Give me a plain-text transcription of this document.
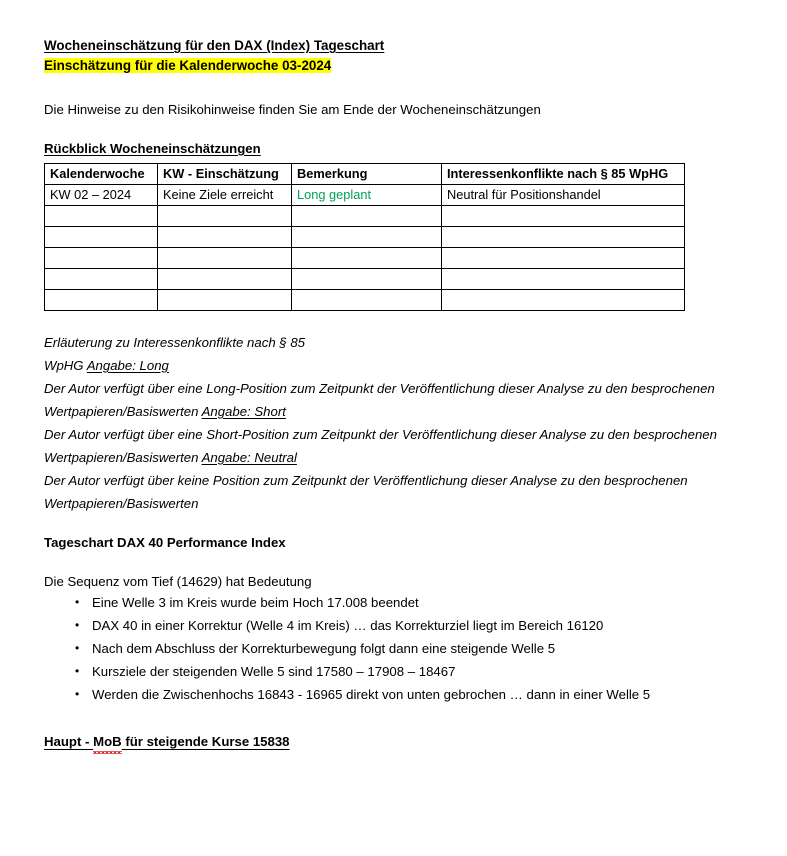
Wocheneinschätzung für den DAX (Index) Tageschart
Einschätzung für die Kalenderwoche 03-2024
Die Hinweise zu den Risikohinweise finden Sie am Ende der Wocheneinschätzungen
Rückblick Wocheneinschätzungen
Kalenderwoche	KW - Einschätzung	Bemerkung	Interessenkonflikte nach § 85 WpHG
KW 02 – 2024	Keine Ziele erreicht	Long geplant	Neutral für Positionshandel

Erläuterung zu Interessenkonflikte nach § 85
WpHG Angabe: Long
Der Autor verfügt über eine Long-Position zum Zeitpunkt der Veröffentlichung dieser Analyse zu den besprochenen Wertpapieren/Basiswerten Angabe: Short
Der Autor verfügt über eine Short-Position zum Zeitpunkt der Veröffentlichung dieser Analyse zu den besprochenen Wertpapieren/Basiswerten Angabe: Neutral
Der Autor verfügt über keine Position zum Zeitpunkt der Veröffentlichung dieser Analyse zu den besprochenen Wertpapieren/Basiswerten
Tageschart DAX 40 Performance Index
Die Sequenz vom Tief (14629) hat Bedeutung
• Eine Welle 3 im Kreis wurde beim Hoch 17.008 beendet
• DAX 40 in einer Korrektur (Welle 4 im Kreis) … das Korrekturziel liegt im Bereich 16120
• Nach dem Abschluss der Korrekturbewegung folgt dann eine steigende Welle 5
• Kursziele der steigenden Welle 5 sind 17580 – 17908 – 18467
• Werden die Zwischenhochs 16843 - 16965 direkt von unten gebrochen … dann in einer Welle 5
Haupt - MoB für steigende Kurse 15838
